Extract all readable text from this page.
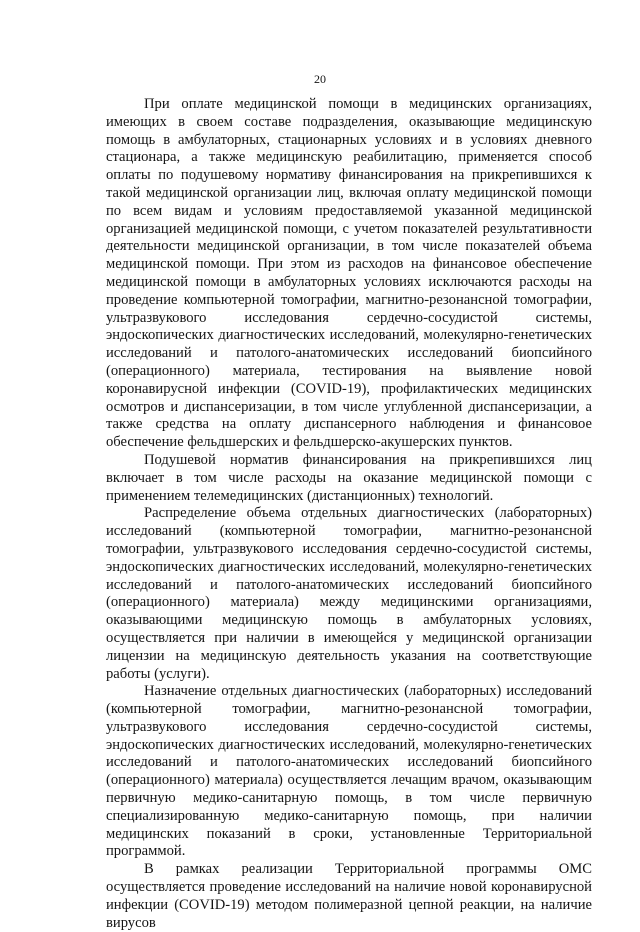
20

При оплате медицинской помощи в медицинских организациях, имеющих в своем составе подразделения, оказывающие медицинскую помощь в амбулаторных, стационарных условиях и в условиях дневного стационара, а также медицинскую реабилитацию, применяется способ оплаты по подушевому нормативу финансирования на прикрепившихся к такой медицинской организации лиц, включая оплату медицинской помощи по всем видам и условиям предоставляемой указанной медицинской организацией медицинской помощи, с учетом показателей результативности деятельности медицинской организации, в том числе показателей объема медицинской помощи. При этом из расходов на финансовое обеспечение медицинской помощи в амбулаторных условиях исключаются расходы на проведение компьютерной томографии, магнитно-резонансной томографии, ультразвукового исследования сердечно-сосудистой системы, эндоскопических диагностических исследований, молекулярно-генетических исследований и патолого-анатомических исследований биопсийного (операционного) материала, тестирования на выявление новой коронавирусной инфекции (COVID-19), профилактических медицинских осмотров и диспансеризации, в том числе углубленной диспансеризации, а также средства на оплату диспансерного наблюдения и финансовое обеспечение фельдшерских и фельдшерско-акушерских пунктов.

Подушевой норматив финансирования на прикрепившихся лиц включает в том числе расходы на оказание медицинской помощи с применением телемедицинских (дистанционных) технологий.

Распределение объема отдельных диагностических (лабораторных) исследований (компьютерной томографии, магнитно-резонансной томографии, ультразвукового исследования сердечно-сосудистой системы, эндоскопических диагностических исследований, молекулярно-генетических исследований и патолого-анатомических исследований биопсийного (операционного) материала) между медицинскими организациями, оказывающими медицинскую помощь в амбулаторных условиях, осуществляется при наличии в имеющейся у медицинской организации лицензии на медицинскую деятельность указания на соответствующие работы (услуги).

Назначение отдельных диагностических (лабораторных) исследований (компьютерной томографии, магнитно-резонансной томографии, ультразвукового исследования сердечно-сосудистой системы, эндоскопических диагностических исследований, молекулярно-генетических исследований и патолого-анатомических исследований биопсийного (операционного) материала) осуществляется лечащим врачом, оказывающим первичную медико-санитарную помощь, в том числе первичную специализированную медико-санитарную помощь, при наличии медицинских показаний в сроки, установленные Территориальной программой.

В рамках реализации Территориальной программы ОМС осуществляется проведение исследований на наличие новой коронавирусной инфекции (COVID-19) методом полимеразной цепной реакции, на наличие вирусов
